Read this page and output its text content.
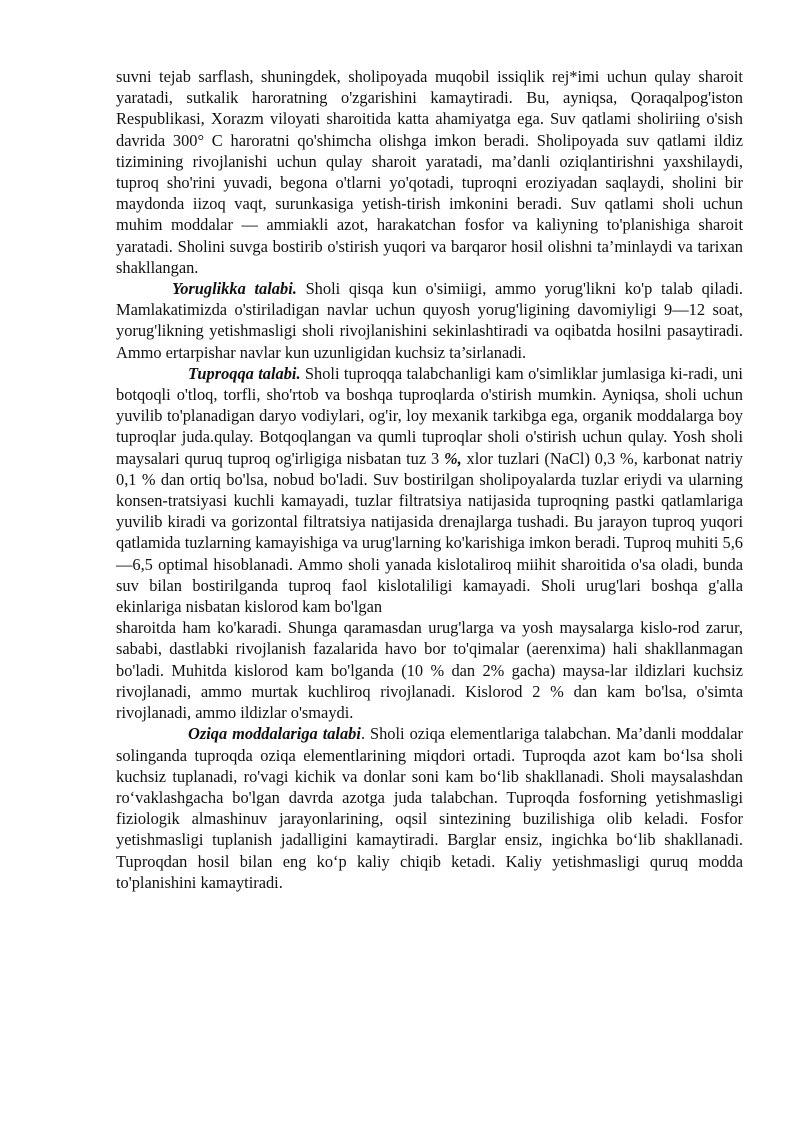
suvni tejab sarflash, shuningdek, sholipoyada muqobil issiqlik rej*imi uchun qulay sharoit yaratadi, sutkalik haroratning o'zgarishini kamaytiradi. Bu, ayniqsa, Qoraqalpog'iston Respublikasi, Xorazm viloyati sharoitida katta ahamiyatga ega. Suv qatlami sholiriing o'sish davrida 300° C haroratni qo'shimcha olishga imkon beradi. Sholipoyada suv qatlami ildiz tizimining rivojlanishi uchun qulay sharoit yaratadi, ma’danli oziqlantirishni yaxshilaydi, tuproq sho'rini yuvadi, begona o'tlarni yo'qotadi, tuproqni eroziyadan saqlaydi, sholini bir maydonda iizoq vaqt, surunkasiga yetish-tirish imkonini beradi. Suv qatlami sholi uchun muhim moddalar — ammiakli azot, harakatchan fosfor va kaliyning to'planishiga sharoit yaratadi. Sholini suvga bostirib o'stirish yuqori va barqaror hosil olishni ta’minlaydi va tarixan shakllangan.

Yoruglikka talabi. Sholi qisqa kun o'simiigi, ammo yorug'likni ko'p talab qiladi. Mamlakatimizda o'stiriladigan navlar uchun quyosh yorug'ligining davomiyligi 9—12 soat, yorug'likning yetishmasligi sholi rivojlanishini sekinlashtiradi va oqibatda hosilni pasaytiradi. Ammo ertarpishar navlar kun uzunligidan kuchsiz ta’sirlanadi.

Tuproqqa talabi. Sholi tuproqqa talabchanligi kam o'simliklar jumlasiga ki-radi, uni botqoqli o'tloq, torfli, sho'rtob va boshqa tuproqlarda o'stirish mumkin. Ayniqsa, sholi uchun yuvilib to'planadigan daryo vodiylari, og'ir, loy mexanik tarkibga ega, organik moddalarga boy tuproqlar juda.qulay. Botqoqlangan va qumli tuproqlar sholi o'stirish uchun qulay. Yosh sholi maysalari quruq tuproq og'irligiga nisbatan tuz 3 %, xlor tuzlari (NaCl) 0,3 %, karbonat natriy 0,1 % dan ortiq bo'lsa, nobud bo'ladi. Suv bostirilgan sholipoyalarda tuzlar eriydi va ularning konsen-tratsiyasi kuchli kamayadi, tuzlar filtratsiya natijasida tuproqning pastki qatlamlariga yuvilib kiradi va gorizontal filtratsiya natijasida drenajlarga tushadi. Bu jarayon tuproq yuqori qatlamida tuzlarning kamayishiga va urug'larning ko'karishiga imkon beradi. Tuproq muhiti 5,6—6,5 optimal hisoblanadi. Ammo sholi yanada kislotaliroq miihit sharoitida o'sa oladi, bunda suv bilan bostirilganda tuproq faol kislotaliligi kamayadi. Sholi urug'lari boshqa g'alla ekinlariga nisbatan kislorod kam bo'lgan

sharoitda ham ko'karadi. Shunga qaramasdan urug'larga va yosh maysalarga kislo-rod zarur, sababi, dastlabki rivojlanish fazalarida havo bor to'qimalar (aerenxima) hali shakllanmagan bo'ladi. Muhitda kislorod kam bo'lganda (10 % dan 2% gacha) maysa-lar ildizlari kuchsiz rivojlanadi, ammo murtak kuchliroq rivojlanadi. Kislorod 2 % dan kam bo'lsa, o'simta rivojlanadi, ammo ildizlar o'smaydi.

Oziqa moddalariga talabi. Sholi oziqa elementlariga talabchan. Ma’danli moddalar solinganda tuproqda oziqa elementlarining miqdori ortadi. Tuproqda azot kam bo‘lsa sholi kuchsiz tuplanadi, ro'vagi kichik va donlar soni kam bo‘lib shakllanadi. Sholi maysalashdan ro‘vaklashgacha bo'lgan davrda azotga juda talabchan. Tuproqda fosforning yetishmasligi fiziologik almashinuv jarayonlarining, oqsil sintezining buzilishiga olib keladi. Fosfor yetishmasligi tuplanish jadalligini kamaytiradi. Barglar ensiz, ingichka bo‘lib shakllanadi. Tuproqdan hosil bilan eng ko‘p kaliy chiqib ketadi. Kaliy yetishmasligi quruq modda to'planishini kamaytiradi.
